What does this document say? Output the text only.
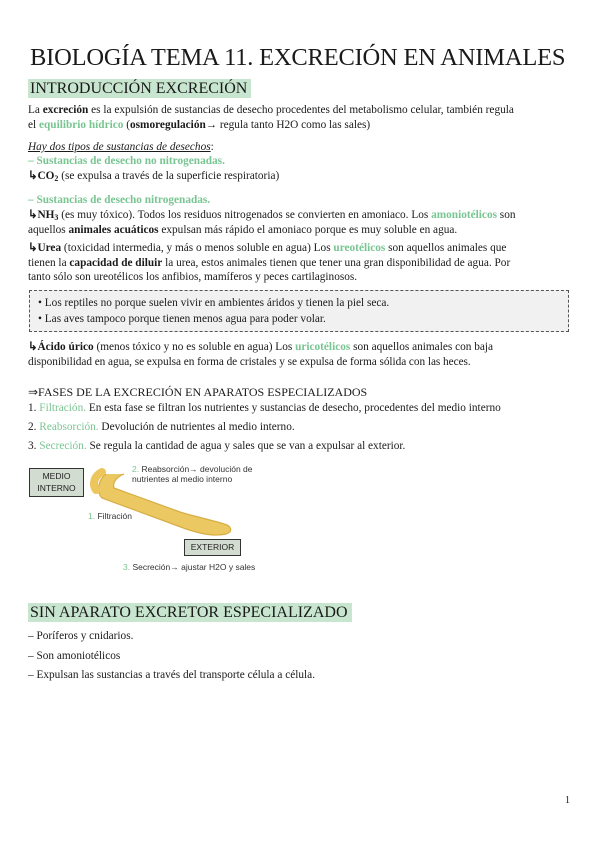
BIOLOGÍA TEMA 11. EXCRECIÓN EN ANIMALES
INTRODUCCIÓN EXCRECIÓN
La excreción es la expulsión de sustancias de desecho procedentes del metabolismo celular, también regula
el equilibrio hídrico (osmoregulación→ regula tanto H2O como las sales)
Hay dos tipos de sustancias de desechos:
– Sustancias de desecho no nitrogenadas.
$↳CO_2$ (se expulsa a través de la superficie respiratoria)
– Sustancias de desecho nitrogenadas.
$↳NH_3$ (es muy tóxico). Todos los residuos nitrogenados se convierten en amoniaco. Los amoniotélicos son
aquellos animales acuáticos expulsan más rápido el amoniaco porque es muy soluble en agua.
↳Urea (toxicidad intermedia, y más o menos soluble en agua) Los ureotélicos son aquellos animales que
tienen la capacidad de diluir la urea, estos animales tienen que tener una gran disponibilidad de agua. Por
tanto sólo son ureotélicos los anfibios, mamíferos y peces cartilaginosos.
• Los reptiles no porque suelen vivir en ambientes áridos y tienen la piel seca.
• Las aves tampoco porque tienen menos agua para poder volar.
↳Ácido úrico (menos tóxico y no es soluble en agua) Los uricotélicos son aquellos animales con baja
disponibilidad en agua, se expulsa en forma de cristales y se expulsa de forma sólida con las heces.
⇒FASES DE LA EXCRECIÓN EN APARATOS ESPECIALIZADOS
1. Filtración. En esta fase se filtran los nutrientes y sustancias de desecho, procedentes del medio interno
2. Reabsorción. Devolución de nutrientes al medio interno.
3. Secreción. Se regula la cantidad de agua y sales que se van a expulsar al exterior.
MEDIO INTERNO
EXTERIOR
2. Reabsorción→ devolución de
nutrientes al medio interno
1. Filtración
3. Secreción→ ajustar H2O y sales
SIN APARATO EXCRETOR ESPECIALIZADO
– Poríferos y cnidarios.
– Son amoniotélicos
– Expulsan las sustancias a través del transporte célula a célula.
1
